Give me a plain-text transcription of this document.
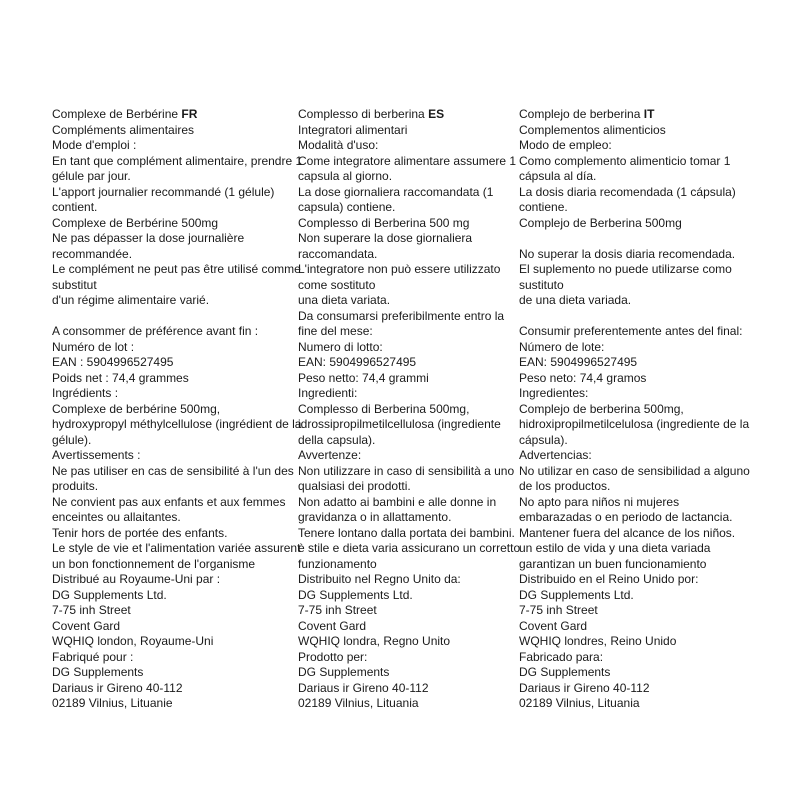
Complexe de Berbérine FR
Compléments alimentaires
Mode d'emploi :
En tant que complément alimentaire, prendre 1
gélule par jour.
L'apport journalier recommandé (1 gélule)
contient.
Complexe de Berbérine 500mg
Ne pas dépasser la dose journalière
recommandée.
Le complément ne peut pas être utilisé comme
substitut
d'un régime alimentaire varié.
A consommer de préférence avant fin :
Numéro de lot :
EAN : 5904996527495
Poids net : 74,4 grammes
Ingrédients :
Complexe de berbérine 500mg,
hydroxypropyl méthylcellulose (ingrédient de la
gélule).
Avertissements :
Ne pas utiliser en cas de sensibilité à l'un des
produits.
Ne convient pas aux enfants et aux femmes
enceintes ou allaitantes.
Tenir hors de portée des enfants.
Le style de vie et l'alimentation variée assurent
un bon fonctionnement de l'organisme
Distribué au Royaume-Uni par :
DG Supplements Ltd.
7-75 inh Street
Covent Gard
WQHIQ london, Royaume-Uni
Fabriqué pour :
DG Supplements
Dariaus ir Gireno 40-112
02189 Vilnius, Lituanie
Complesso di berberina ES
Integratori alimentari
Modalità d'uso:
Come integratore alimentare assumere 1
capsula al giorno.
La dose giornaliera raccomandata (1
capsula) contiene.
Complesso di Berberina 500 mg
Non superare la dose giornaliera
raccomandata.
L'integratore non può essere utilizzato
come sostituto
una dieta variata.
Da consumarsi preferibilmente entro la
fine del mese:
Numero di lotto:
EAN: 5904996527495
Peso netto: 74,4 grammi
Ingredienti:
Complesso di Berberina 500mg,
idrossipropilmetilcellulosa (ingrediente
della capsula).
Avvertenze:
Non utilizzare in caso di sensibilità a uno
qualsiasi dei prodotti.
Non adatto ai bambini e alle donne in
gravidanza o in allattamento.
Tenere lontano dalla portata dei bambini.
è stile e dieta varia assicurano un corretto
funzionamento
Distribuito nel Regno Unito da:
DG Supplements Ltd.
7-75 inh Street
Covent Gard
WQHIQ londra, Regno Unito
Prodotto per:
DG Supplements
Dariaus ir Gireno 40-112
02189 Vilnius, Lituania
Complejo de berberina IT
Complementos alimenticios
Modo de empleo:
Como complemento alimenticio tomar 1
cápsula al día.
La dosis diaria recomendada (1 cápsula)
contiene.
Complejo de Berberina 500mg
No superar la dosis diaria recomendada.
El suplemento no puede utilizarse como
sustituto
de una dieta variada.
Consumir preferentemente antes del final:
Número de lote:
EAN: 5904996527495
Peso neto: 74,4 gramos
Ingredientes:
Complejo de berberina 500mg,
hidroxipropilmetilcelulosa (ingrediente de la
cápsula).
Advertencias:
No utilizar en caso de sensibilidad a alguno
de los productos.
No apto para niños ni mujeres
embarazadas o en periodo de lactancia.
Mantener fuera del alcance de los niños.
un estilo de vida y una dieta variada
garantizan un buen funcionamiento
Distribuido en el Reino Unido por:
DG Supplements Ltd.
7-75 inh Street
Covent Gard
WQHIQ londres, Reino Unido
Fabricado para:
DG Supplements
Dariaus ir Gireno 40-112
02189 Vilnius, Lituania
